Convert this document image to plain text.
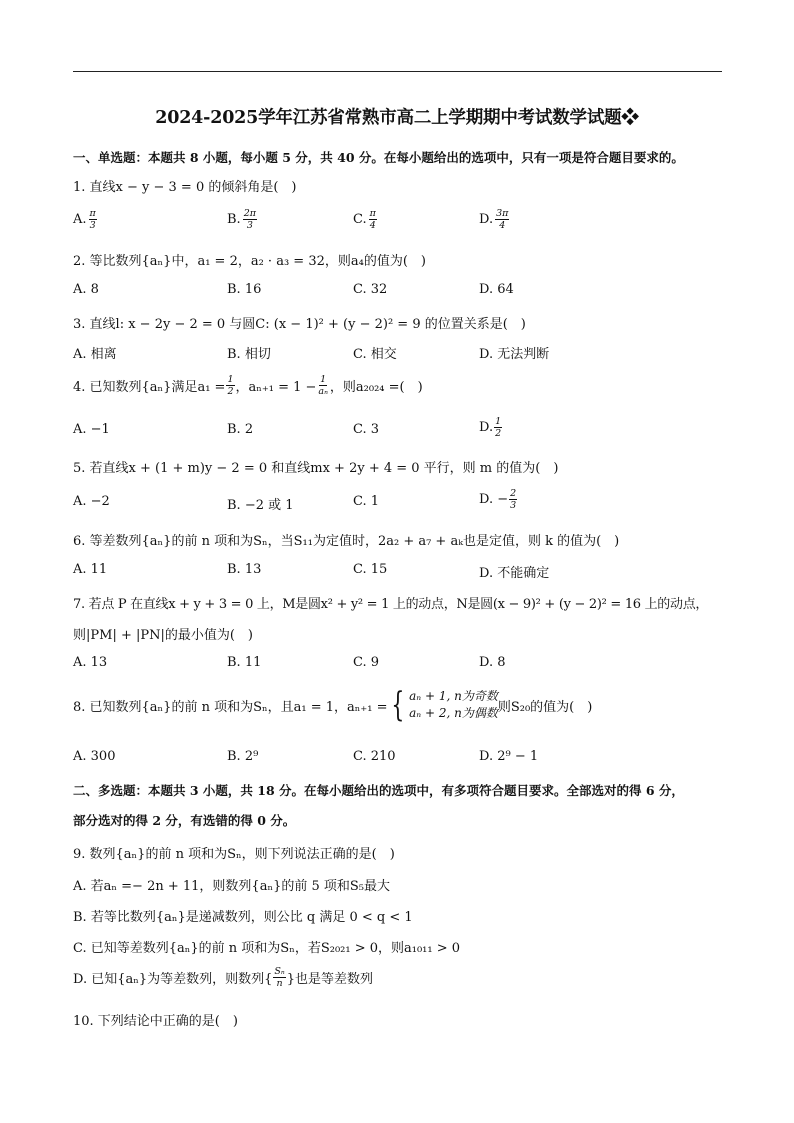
2024-2025学年江苏省常熟市高二上学期期中考试数学试题❖
一、单选题：本题共 8 小题，每小题 5 分，共 40 分。在每小题给出的选项中，只有一项是符合题目要求的。
1. 直线x − y − 3 = 0 的倾斜角是(　)
A. $\frac{\pi}{3}$	B. $\frac{2\pi}{3}$	C. $\frac{\pi}{4}$	D. $\frac{3\pi}{4}$
2. 等比数列{aₙ}中，a₁ = 2，a₂ · a₃ = 32，则a₄的值为(　)
A. 8	B. 16	C. 32	D. 64
3. 直线l: x − 2y − 2 = 0 与圆C: (x − 1)² + (y − 2)² = 9 的位置关系是(　)
A. 相离	B. 相切	C. 相交	D. 无法判断
4. 已知数列{aₙ}满足$a_1 = \frac{1}{2}$ ，$a_{n+1} = 1 - \frac{1}{\text{aₙ}}$ ，则a₂₀₂₄ =(　)
A. −1	B. 2	C. 3	D. $\frac{1}{2}$
5. 若直线x + (1 + m)y − 2 = 0 和直线mx + 2y + 4 = 0 平行，则 m 的值为(　)
A. −2	B. −2 或 1	C. 1	D. − $\frac{2}{3}$
6. 等差数列{aₙ}的前 n 项和为Sₙ，当S₁₁为定值时，2a₂ + a₇ + aₖ也是定值，则 k 的值为(　)
A. 11	B. 13	C. 15	D. 不能确定
7. 若点 P 在直线x + y + 3 = 0 上，M是圆x² + y² = 1 上的动点，N是圆(x − 9)² + (y − 2)² = 16 上的动点，
则|PM| + |PN|的最小值为(　)
A. 13	B. 11	C. 9	D. 8
8. 已知数列{aₙ}的前 n 项和为Sₙ，且a₁ = 1，aₙ₊₁ = { aₙ + 1, n为奇数
aₙ + 2, n为偶数 则S₂₀的值为(　)
A. 300	B. 2⁹	C. 210	D. 2⁹ − 1
二、多选题：本题共 3 小题，共 18 分。在每小题给出的选项中，有多项符合题目要求。全部选对的得 6 分，
部分选对的得 2 分，有选错的得 0 分。
9. 数列{aₙ}的前 n 项和为Sₙ，则下列说法正确的是(　)
A. 若aₙ =− 2n + 11，则数列{aₙ}的前 5 项和S₅最大
B. 若等比数列{aₙ}是递减数列，则公比 q 满足 0 < q < 1
C. 已知等差数列{aₙ}的前 n 项和为Sₙ，若S₂₀₂₁ > 0，则a₁₀₁₁ > 0
D. 已知{aₙ}为等差数列，则数列{ $\frac{\text{Sₙ}}{n}$ }也是等差数列
10. 下列结论中正确的是(　)
